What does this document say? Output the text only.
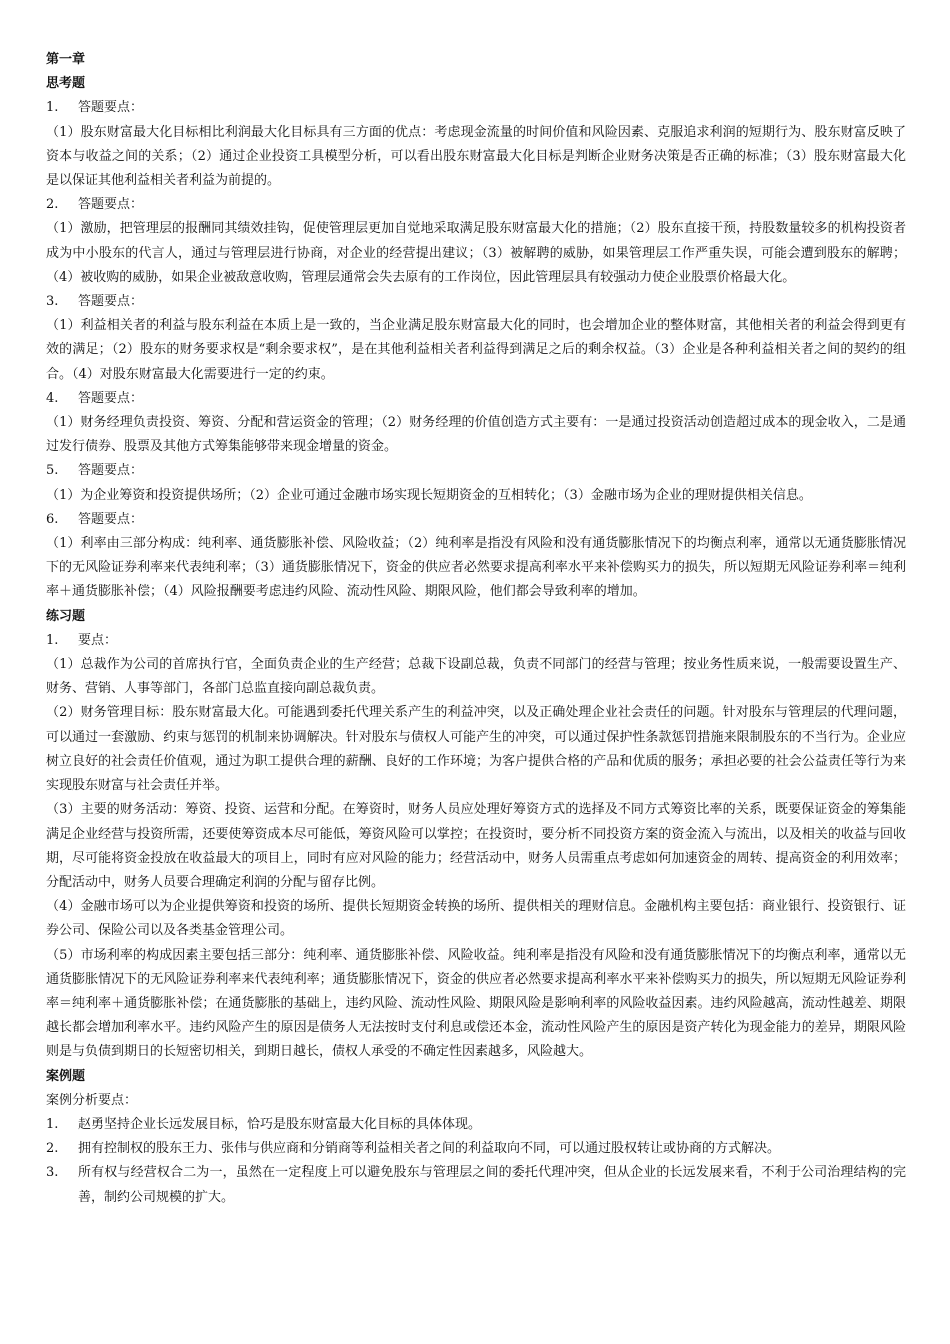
第一章
思考题
1.	答题要点：
（1）股东财富最大化目标相比利润最大化目标具有三方面的优点：考虑现金流量的时间价值和风险因素、克服追求利润的短期行为、股东财富反映了资本与收益之间的关系；（2）通过企业投资工具模型分析，可以看出股东财富最大化目标是判断企业财务决策是否正确的标准；（3）股东财富最大化是以保证其他利益相关者利益为前提的。
2.	答题要点：
（1）激励，把管理层的报酬同其绩效挂钩，促使管理层更加自觉地采取满足股东财富最大化的措施；（2）股东直接干预，持股数量较多的机构投资者成为中小股东的代言人，通过与管理层进行协商，对企业的经营提出建议；（3）被解聘的威胁，如果管理层工作严重失误，可能会遭到股东的解聘；（4）被收购的威胁，如果企业被敌意收购，管理层通常会失去原有的工作岗位，因此管理层具有较强动力使企业股票价格最大化。
3.	答题要点：
（1）利益相关者的利益与股东利益在本质上是一致的，当企业满足股东财富最大化的同时，也会增加企业的整体财富，其他相关者的利益会得到更有效的满足；（2）股东的财务要求权是“剩余要求权”，是在其他利益相关者利益得到满足之后的剩余权益。（3）企业是各种利益相关者之间的契约的组合。（4）对股东财富最大化需要进行一定的约束。
4.	答题要点：
（1）财务经理负责投资、筹资、分配和营运资金的管理；（2）财务经理的价值创造方式主要有：一是通过投资活动创造超过成本的现金收入，二是通过发行债券、股票及其他方式筹集能够带来现金增量的资金。
5.	答题要点：
（1）为企业筹资和投资提供场所；（2）企业可通过金融市场实现长短期资金的互相转化；（3）金融市场为企业的理财提供相关信息。
6.	答题要点：
（1）利率由三部分构成：纯利率、通货膨胀补偿、风险收益；（2）纯利率是指没有风险和没有通货膨胀情况下的均衡点利率，通常以无通货膨胀情况下的无风险证券利率来代表纯利率；（3）通货膨胀情况下，资金的供应者必然要求提高利率水平来补偿购买力的损失，所以短期无风险证券利率＝纯利率＋通货膨胀补偿；（4）风险报酬要考虑违约风险、流动性风险、期限风险，他们都会导致利率的增加。
练习题
1.	要点：
（1）总裁作为公司的首席执行官，全面负责企业的生产经营；总裁下设副总裁，负责不同部门的经营与管理；按业务性质来说，一般需要设置生产、财务、营销、人事等部门，各部门总监直接向副总裁负责。
（2）财务管理目标：股东财富最大化。可能遇到委托代理关系产生的利益冲突，以及正确处理企业社会责任的问题。针对股东与管理层的代理问题，可以通过一套激励、约束与惩罚的机制来协调解决。针对股东与债权人可能产生的冲突，可以通过保护性条款惩罚措施来限制股东的不当行为。企业应树立良好的社会责任价值观，通过为职工提供合理的薪酬、良好的工作环境；为客户提供合格的产品和优质的服务；承担必要的社会公益责任等行为来实现股东财富与社会责任并举。
（3）主要的财务活动：筹资、投资、运营和分配。在筹资时，财务人员应处理好筹资方式的选择及不同方式筹资比率的关系，既要保证资金的筹集能满足企业经营与投资所需，还要使筹资成本尽可能低，筹资风险可以掌控；在投资时，要分析不同投资方案的资金流入与流出，以及相关的收益与回收期，尽可能将资金投放在收益最大的项目上，同时有应对风险的能力；经营活动中，财务人员需重点考虑如何加速资金的周转、提高资金的利用效率；分配活动中，财务人员要合理确定利润的分配与留存比例。
（4）金融市场可以为企业提供筹资和投资的场所、提供长短期资金转换的场所、提供相关的理财信息。金融机构主要包括：商业银行、投资银行、证券公司、保险公司以及各类基金管理公司。
（5）市场利率的构成因素主要包括三部分：纯利率、通货膨胀补偿、风险收益。纯利率是指没有风险和没有通货膨胀情况下的均衡点利率，通常以无通货膨胀情况下的无风险证券利率来代表纯利率；通货膨胀情况下，资金的供应者必然要求提高利率水平来补偿购买力的损失，所以短期无风险证券利率＝纯利率＋通货膨胀补偿；在通货膨胀的基础上，违约风险、流动性风险、期限风险是影响利率的风险收益因素。违约风险越高，流动性越差、期限越长都会增加利率水平。违约风险产生的原因是债务人无法按时支付利息或偿还本金，流动性风险产生的原因是资产转化为现金能力的差异，期限风险则是与负债到期日的长短密切相关，到期日越长，债权人承受的不确定性因素越多，风险越大。
案例题
案例分析要点：
1.	赵勇坚持企业长远发展目标，恰巧是股东财富最大化目标的具体体现。
2.	拥有控制权的股东王力、张伟与供应商和分销商等利益相关者之间的利益取向不同，可以通过股权转让或协商的方式解决。
3.	所有权与经营权合二为一，虽然在一定程度上可以避免股东与管理层之间的委托代理冲突，但从企业的长远发展来看，不利于公司治理结构的完善，制约公司规模的扩大。
